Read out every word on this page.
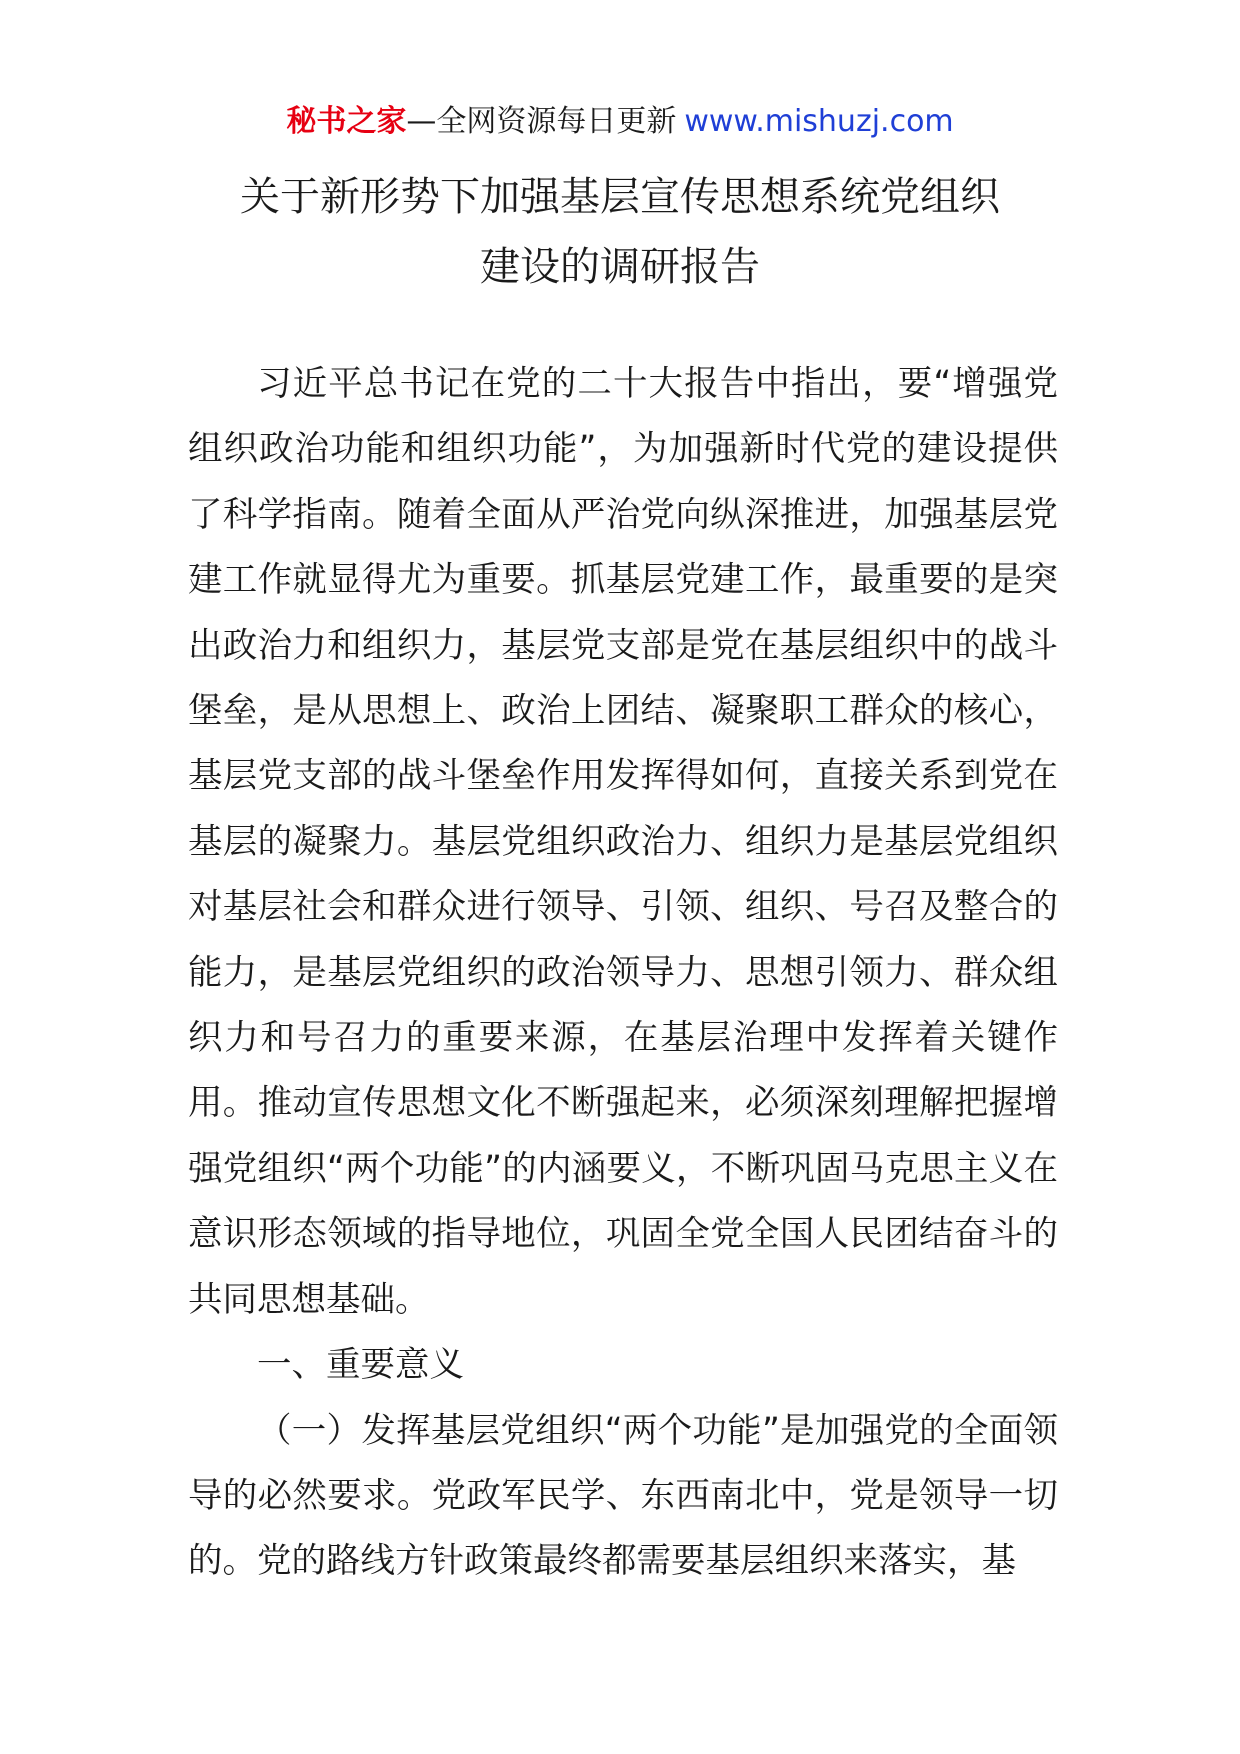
秘书之家—全网资源每日更新 www.mishuzj.com
关于新形势下加强基层宣传思想系统党组织
建设的调研报告

习近平总书记在党的二十大报告中指出，要“增强党组织政治功能和组织功能”，为加强新时代党的建设提供了科学指南。随着全面从严治党向纵深推进，加强基层党建工作就显得尤为重要。抓基层党建工作，最重要的是突出政治力和组织力，基层党支部是党在基层组织中的战斗堡垒，是从思想上、政治上团结、凝聚职工群众的核心，基层党支部的战斗堡垒作用发挥得如何，直接关系到党在基层的凝聚力。基层党组织政治力、组织力是基层党组织对基层社会和群众进行领导、引领、组织、号召及整合的能力，是基层党组织的政治领导力、思想引领力、群众组织力和号召力的重要来源，在基层治理中发挥着关键作用。推动宣传思想文化不断强起来，必须深刻理解把握增强党组织“两个功能”的内涵要义，不断巩固马克思主义在意识形态领域的指导地位，巩固全党全国人民团结奋斗的共同思想基础。

一、重要意义

（一）发挥基层党组织“两个功能”是加强党的全面领导的必然要求。党政军民学、东西南北中，党是领导一切的。党的路线方针政策最终都需要基层组织来落实，基
